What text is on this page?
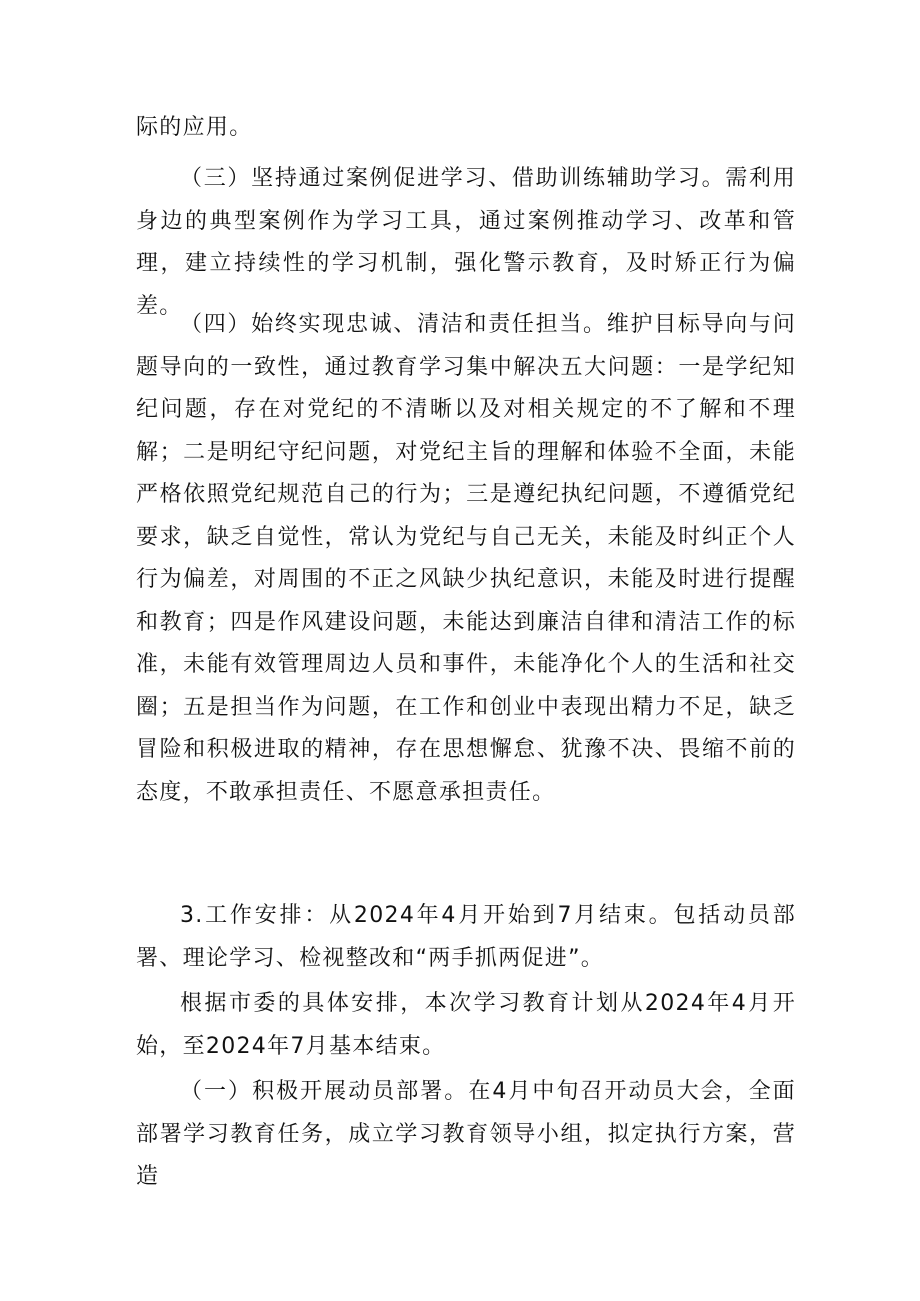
际的应用。

（三）坚持通过案例促进学习、借助训练辅助学习。需利用身边的典型案例作为学习工具，通过案例推动学习、改革和管理，建立持续性的学习机制，强化警示教育，及时矫正行为偏差。

（四）始终实现忠诚、清洁和责任担当。维护目标导向与问题导向的一致性，通过教育学习集中解决五大问题：一是学纪知纪问题，存在对党纪的不清晰以及对相关规定的不了解和不理解；二是明纪守纪问题，对党纪主旨的理解和体验不全面，未能严格依照党纪规范自己的行为；三是遵纪执纪问题，不遵循党纪要求，缺乏自觉性，常认为党纪与自己无关，未能及时纠正个人行为偏差，对周围的不正之风缺少执纪意识，未能及时进行提醒和教育；四是作风建设问题，未能达到廉洁自律和清洁工作的标准，未能有效管理周边人员和事件，未能净化个人的生活和社交圈；五是担当作为问题，在工作和创业中表现出精力不足，缺乏冒险和积极进取的精神，存在思想懈怠、犹豫不决、畏缩不前的态度，不敢承担责任、不愿意承担责任。

3.工作安排：从2024年4月开始到7月结束。包括动员部署、理论学习、检视整改和“两手抓两促进”。

根据市委的具体安排，本次学习教育计划从2024年4月开始，至2024年7月基本结束。

（一）积极开展动员部署。在4月中旬召开动员大会，全面部署学习教育任务，成立学习教育领导小组，拟定执行方案，营造
